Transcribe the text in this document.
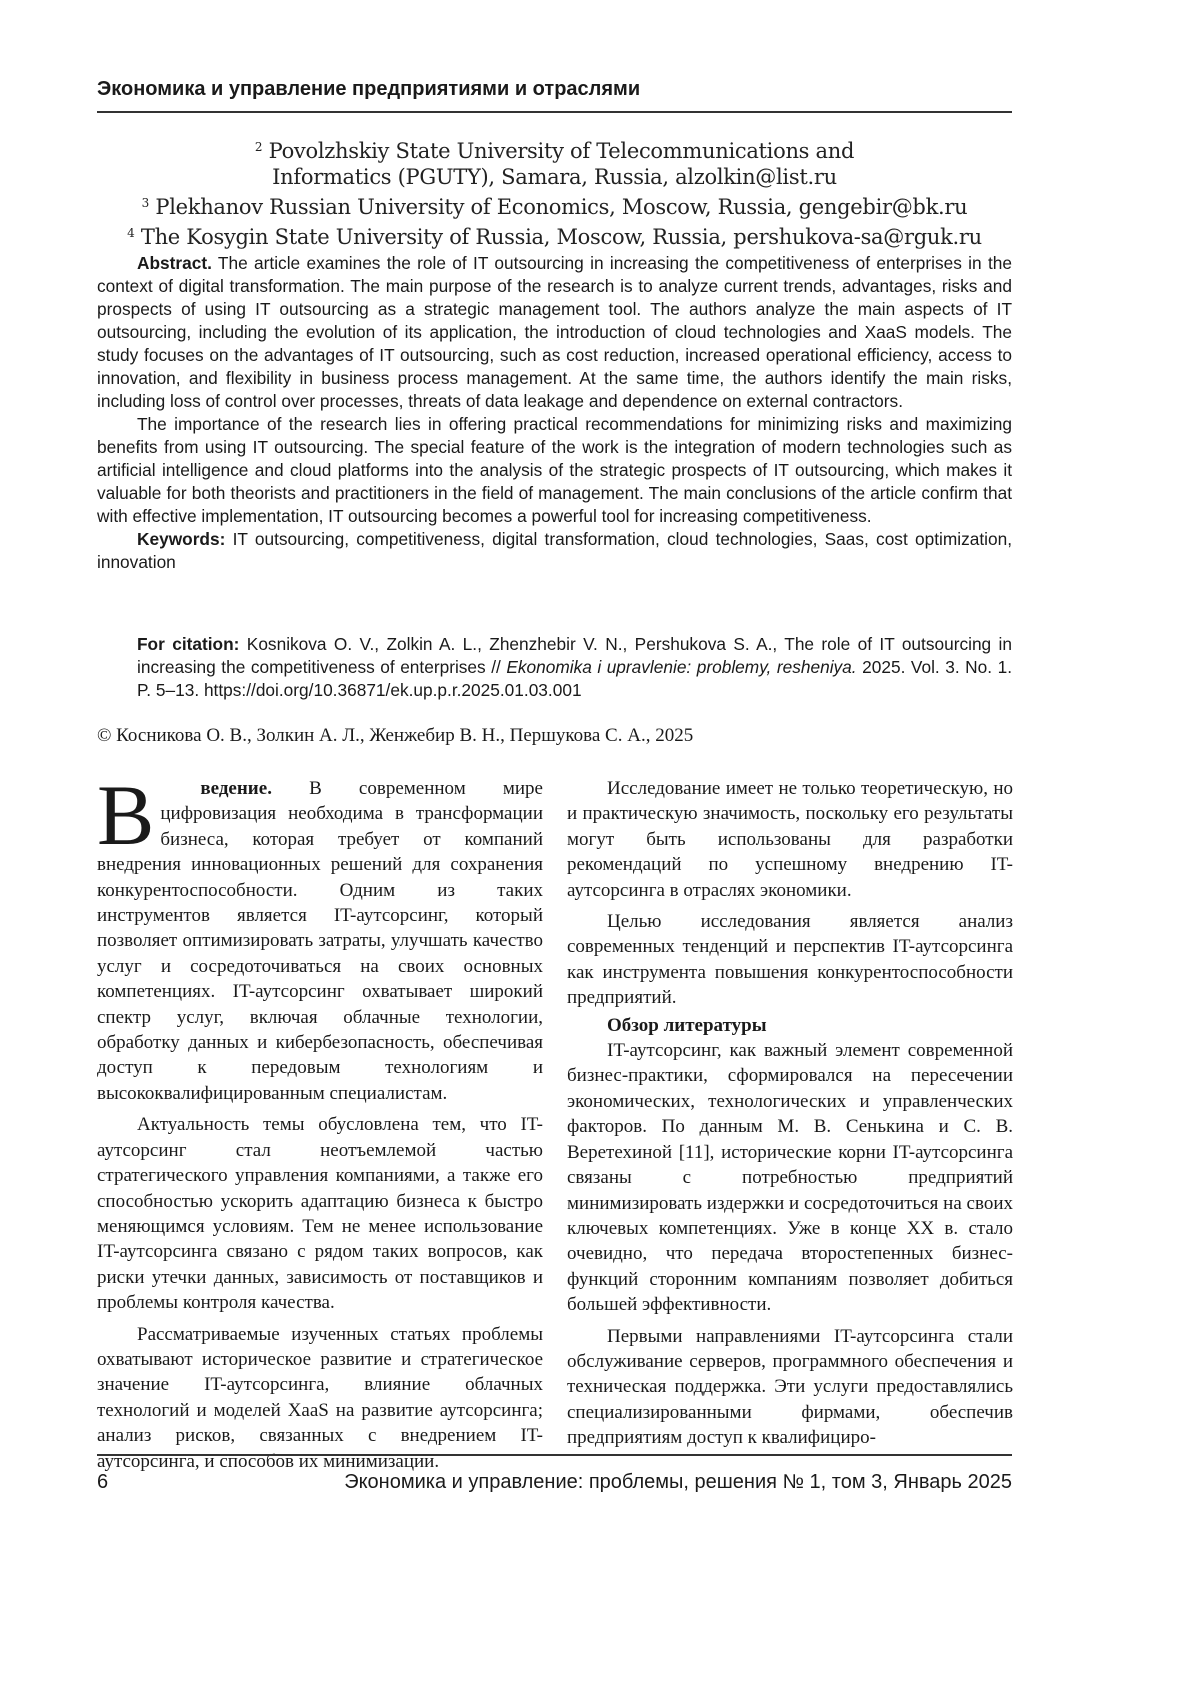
Экономика и управление предприятиями и отраслями
2 Povolzhskiy State University of Telecommunications and
Informatics (PGUTY), Samara, Russia, alzolkin@list.ru
3 Plekhanov Russian University of Economics, Moscow, Russia, gengebir@bk.ru
4 The Kosygin State University of Russia, Moscow, Russia, pershukova-sa@rguk.ru

Abstract. The article examines the role of IT outsourcing in increasing the competitiveness of enterprises in the context of digital transformation. The main purpose of the research is to analyze current trends, advantages, risks and prospects of using IT outsourcing as a strategic management tool. The authors analyze the main aspects of IT outsourcing, including the evolution of its application, the introduction of cloud technologies and XaaS models. The study focuses on the advantages of IT outsourcing, such as cost reduction, increased operational efficiency, access to innovation, and flexibility in business process management. At the same time, the authors identify the main risks, including loss of control over processes, threats of data leakage and dependence on external contractors.

The importance of the research lies in offering practical recommendations for minimizing risks and maximizing benefits from using IT outsourcing. The special feature of the work is the integration of modern technologies such as artificial intelligence and cloud platforms into the analysis of the strategic prospects of IT outsourcing, which makes it valuable for both theorists and practitioners in the field of management. The main conclusions of the article confirm that with effective implementation, IT outsourcing becomes a powerful tool for increasing competitiveness.

Keywords: IT outsourcing, competitiveness, digital transformation, cloud technologies, Saas, cost optimization, innovation

For citation: Kosnikova O. V., Zolkin A. L., Zhenzhebir V. N., Pershukova S. A., The role of IT outsourcing in increasing the competitiveness of enterprises // Ekonomika i upravlenie: problemy, resheniya. 2025. Vol. 3. No. 1. P. 5–13. https://doi.org/10.36871/ek.up.p.r.2025.01.03.001
© Косникова О. В., Золкин А. Л., Женжебир В. Н., Першукова С. А., 2025

В ведение. В современном мире цифровизация необходима в трансформации бизнеса, которая требует от компаний внедрения инновационных решений для сохранения конкурентоспособности. Одним из таких инструментов является IT-аутсорсинг, который позволяет оптимизировать затраты, улучшать качество услуг и сосредоточиваться на своих основных компетенциях. IT-аутсорсинг охватывает широкий спектр услуг, включая облачные технологии, обработку данных и кибербезопасность, обеспечивая доступ к передовым технологиям и высококвалифицированным специалистам.

Актуальность темы обусловлена тем, что IT-аутсорсинг стал неотъемлемой частью стратегического управления компаниями, а также его способностью ускорить адаптацию бизнеса к быстро меняющимся условиям. Тем не менее использование IT-аутсорсинга связано с рядом таких вопросов, как риски утечки данных, зависимость от поставщиков и проблемы контроля качества.

Рассматриваемые изученных статьях проблемы охватывают историческое развитие и стратегическое значение IT-аутсорсинга, влияние облачных технологий и моделей XaaS на развитие аутсорсинга; анализ рисков, связанных с внедрением IT-аутсорсинга, и способов их минимизации.

Исследование имеет не только теоретическую, но и практическую значимость, поскольку его результаты могут быть использованы для разработки рекомендаций по успешному внедрению IT-аутсорсинга в отраслях экономики.

Целью исследования является анализ современных тенденций и перспектив IT-аутсорсинга как инструмента повышения конкурентоспособности предприятий.

Обзор литературы

IT-аутсорсинг, как важный элемент современной бизнес-практики, сформировался на пересечении экономических, технологических и управленческих факторов. По данным М. В. Сенькина и С. В. Веретехиной [11], исторические корни IT-аутсорсинга связаны с потребностью предприятий минимизировать издержки и сосредоточиться на своих ключевых компетенциях. Уже в конце XX в. стало очевидно, что передача второстепенных бизнес-функций сторонним компаниям позволяет добиться большей эффективности.

Первыми направлениями IT-аутсорсинга стали обслуживание серверов, программного обеспечения и техническая поддержка. Эти услуги предоставлялись специализированными фирмами, обеспечив предприятиям доступ к квалифициро-

6	Экономика и управление: проблемы, решения № 1, том 3, Январь 2025
